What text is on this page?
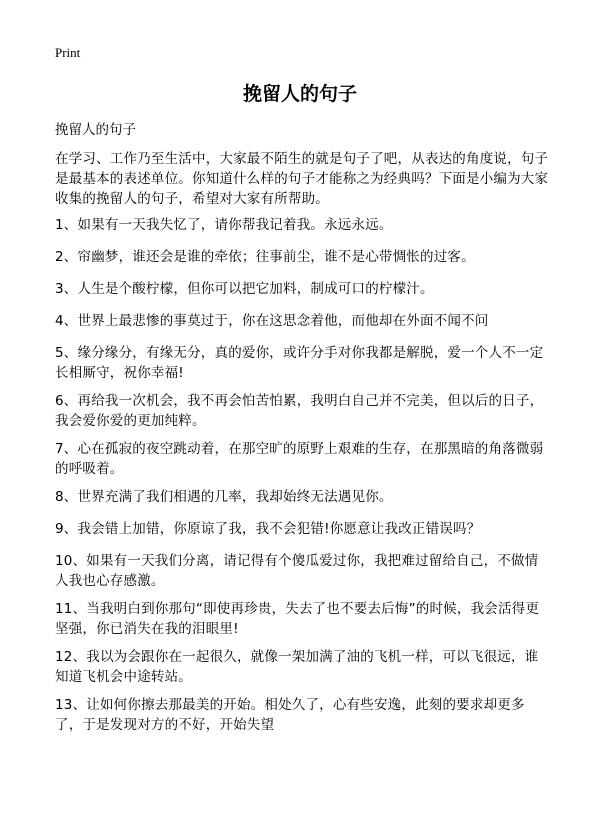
Print
挽留人的句子
挽留人的句子
在学习、工作乃至生活中，大家最不陌生的就是句子了吧，从表达的角度说，句子是最基本的表述单位。你知道什么样的句子才能称之为经典吗？下面是小编为大家收集的挽留人的句子，希望对大家有所帮助。
1、如果有一天我失忆了，请你帮我记着我。永远永远。
2、帘幽梦，谁还会是谁的牵依；往事前尘，谁不是心带惆怅的过客。
3、人生是个酸柠檬，但你可以把它加料，制成可口的柠檬汁。
4、世界上最悲惨的事莫过于，你在这思念着他，而他却在外面不闻不问
5、缘分缘分，有缘无分，真的爱你，或许分手对你我都是解脱，爱一个人不一定长相厮守，祝你幸福!
6、再给我一次机会，我不再会怕苦怕累，我明白自己并不完美，但以后的日子，我会爱你爱的更加纯粹。
7、心在孤寂的夜空跳动着，在那空旷的原野上艰难的生存，在那黑暗的角落微弱的呼吸着。
8、世界充满了我们相遇的几率，我却始终无法遇见你。
9、我会错上加错，你原谅了我，我不会犯错!你愿意让我改正错误吗？
10、如果有一天我们分离，请记得有个傻瓜爱过你，我把难过留给自己，不做情人我也心存感激。
11、当我明白到你那句“即使再珍贵，失去了也不要去后悔”的时候，我会活得更坚强，你已消失在我的泪眼里!
12、我以为会跟你在一起很久，就像一架加满了油的飞机一样，可以飞很远，谁知道飞机会中途转站。
13、让如何你擦去那最美的开始。相处久了，心有些安逸，此刻的要求却更多了，于是发现对方的不好，开始失望
